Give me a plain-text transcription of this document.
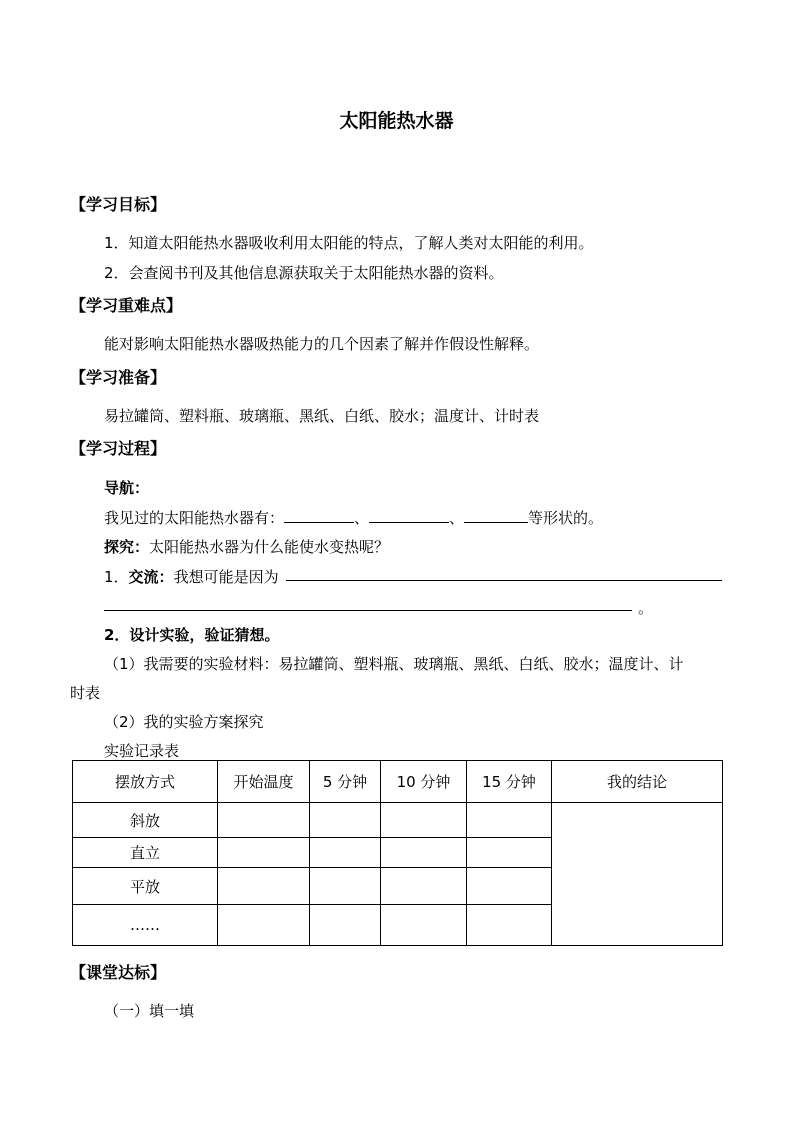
太阳能热水器
【学习目标】
1．知道太阳能热水器吸收利用太阳能的特点，了解人类对太阳能的利用。
2．会查阅书刊及其他信息源获取关于太阳能热水器的资料。
【学习重难点】
能对影响太阳能热水器吸热能力的几个因素了解并作假设性解释。
【学习准备】
易拉罐筒、塑料瓶、玻璃瓶、黑纸、白纸、胶水；温度计、计时表
【学习过程】
导航：
我见过的太阳能热水器有：	、	、	等形状的。
探究：太阳能热水器为什么能使水变热呢？
1．交流：我想可能是因为
。
2．设计实验，验证猜想。
（1）我需要的实验材料：易拉罐筒、塑料瓶、玻璃瓶、黑纸、白纸、胶水；温度计、计
时表
（2）我的实验方案探究
实验记录表
摆放方式	开始温度	5 分钟	10 分钟	15 分钟	我的结论
斜放					
直立					
平放					
……					
【课堂达标】
（一）填一填
